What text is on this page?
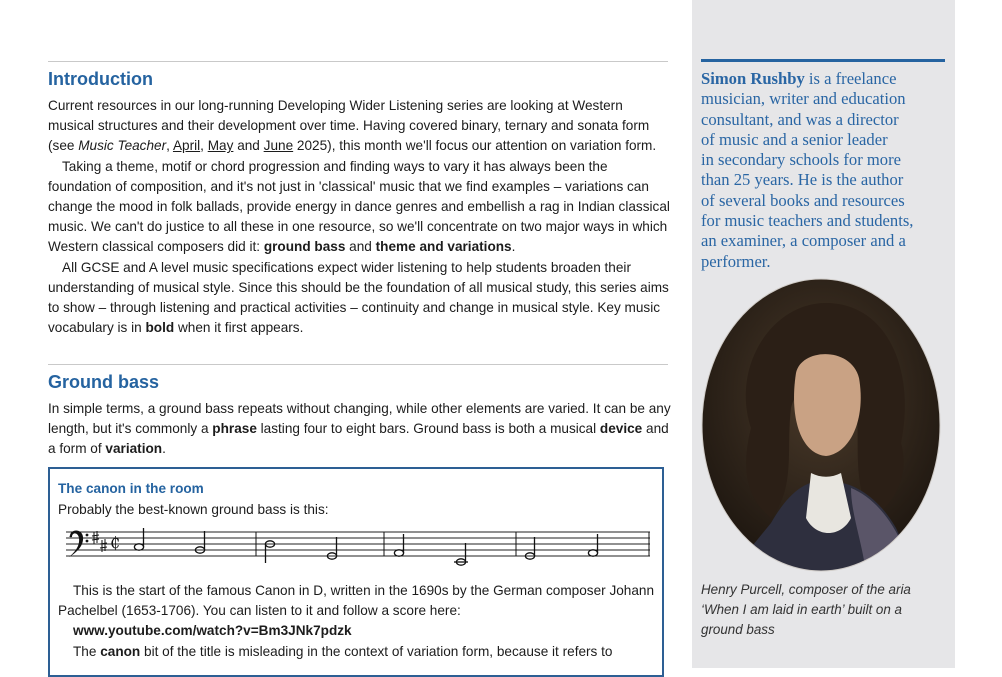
Introduction
Current resources in our long-running Developing Wider Listening series are looking at Western
musical structures and their development over time. Having covered binary, ternary and sonata form
(see Music Teacher, April, May and June 2025), this month we'll focus our attention on variation form.
Taking a theme, motif or chord progression and finding ways to vary it has always been the
foundation of composition, and it's not just in 'classical' music that we find examples – variations can
change the mood in folk ballads, provide energy in dance genres and embellish a rag in Indian classical
music. We can't do justice to all these in one resource, so we'll concentrate on two major ways in which
Western classical composers did it: ground bass and theme and variations.
All GCSE and A level music specifications expect wider listening to help students broaden their
understanding of musical style. Since this should be the foundation of all musical study, this series aims
to show – through listening and practical activities – continuity and change in musical style. Key music
vocabulary is in bold when it first appears.
Ground bass
In simple terms, a ground bass repeats without changing, while other elements are varied. It can be any
length, but it's commonly a phrase lasting four to eight bars. Ground bass is both a musical device and
a form of variation.
The canon in the room
Probably the best-known ground bass is this:
₵
This is the start of the famous Canon in D, written in the 1690s by the German composer Johann
Pachelbel (1653-1706). You can listen to it and follow a score here:
www.youtube.com/watch?v=Bm3JNk7pdzk
The canon bit of the title is misleading in the context of variation form, because it refers to
Simon Rushby is a freelance
musician, writer and education
consultant, and was a director
of music and a senior leader
in secondary schools for more
than 25 years. He is the author
of several books and resources
for music teachers and students,
an examiner, a composer and a
performer.
Henry Purcell, composer of the aria
‘When I am laid in earth’ built on a
ground bass
